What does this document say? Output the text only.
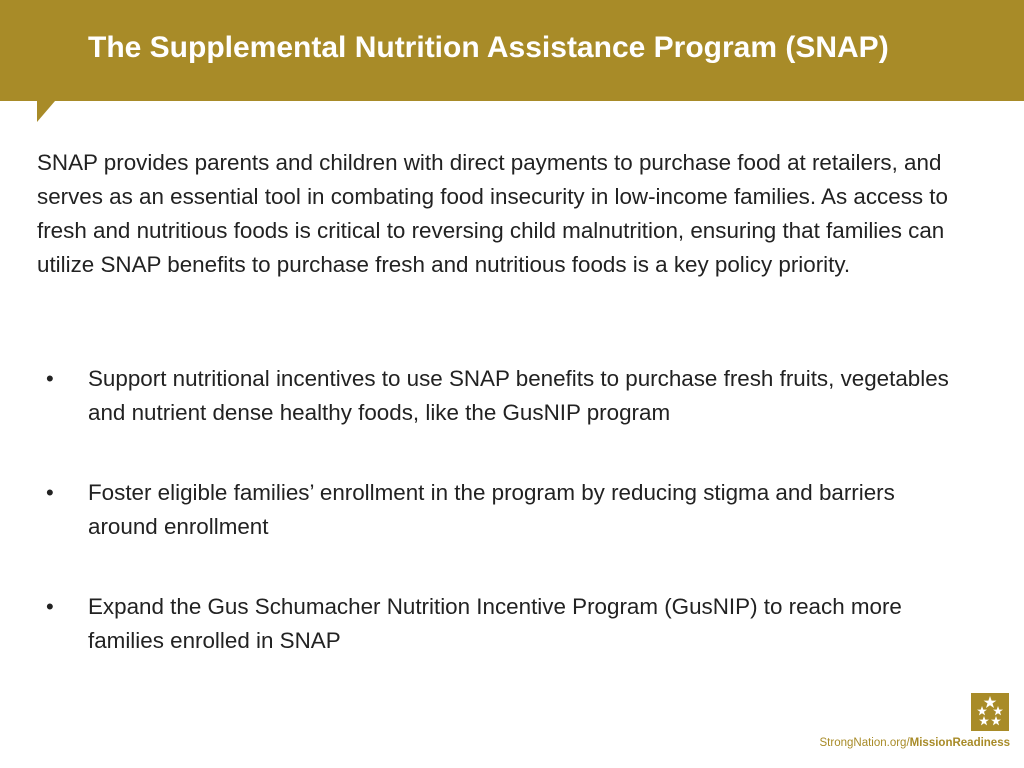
The Supplemental Nutrition Assistance Program (SNAP)

SNAP provides parents and children with direct payments to purchase food at retailers, and serves as an essential tool in combating food insecurity in low-income families. As access to fresh and nutritious foods is critical to reversing child malnutrition, ensuring that families can utilize SNAP benefits to purchase fresh and nutritious foods is a key policy priority.

• Support nutritional incentives to use SNAP benefits to purchase fresh fruits, vegetables and nutrient dense healthy foods, like the GusNIP program
• Foster eligible families’ enrollment in the program by reducing stigma and barriers around enrollment
• Expand the Gus Schumacher Nutrition Incentive Program (GusNIP) to reach more families enrolled in SNAP
StrongNation.org/MissionReadiness
